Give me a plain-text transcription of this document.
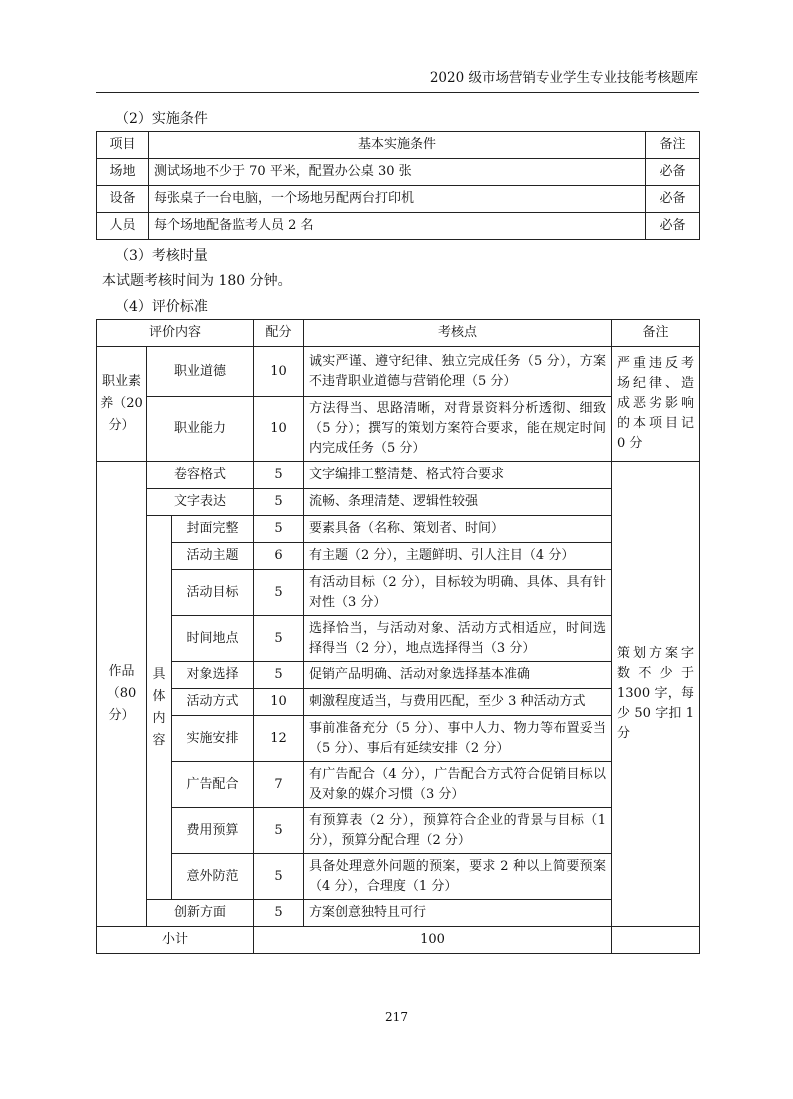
2020 级市场营销专业学生专业技能考核题库
（2）实施条件
项目	基本实施条件	备注
场地	测试场地不少于 70 平米，配置办公桌 30 张	必备
设备	每张桌子一台电脑，一个场地另配两台打印机	必备
人员	每个场地配备监考人员 2 名	必备
（3）考核时量
本试题考核时间为 180 分钟。
（4）评价标准
评价内容			配分	考核点	备注
职业素养（20分）	职业道德		10	诚实严谨、遵守纪律、独立完成任务（5 分），方案不违背职业道德与营销伦理（5 分）	严重违反考场纪律、造成恶劣影响的本项目记 0 分
	职业能力		10	方法得当、思路清晰，对背景资料分析透彻、细致（5 分）；撰写的策划方案符合要求，能在规定时间内完成任务（5 分）	
作品（80分）	卷容格式		5	文字编排工整清楚、格式符合要求	策划方案字数不少于 1300 字，每少 50 字扣 1 分
	文字表达		5	流畅、条理清楚、逻辑性较强	
	具体内容	封面完整	5	要素具备（名称、策划者、时间）	
		活动主题	6	有主题（2 分），主题鲜明、引人注目（4 分）	
		活动目标	5	有活动目标（2 分），目标较为明确、具体、具有针对性（3 分）	
		时间地点	5	选择恰当，与活动对象、活动方式相适应，时间选择得当（2 分），地点选择得当（3 分）	
		对象选择	5	促销产品明确、活动对象选择基本准确	
		活动方式	10	刺激程度适当，与费用匹配，至少 3 种活动方式	
		实施安排	12	事前准备充分（5 分）、事中人力、物力等布置妥当（5 分）、事后有延续安排（2 分）	
		广告配合	7	有广告配合（4 分），广告配合方式符合促销目标以及对象的媒介习惯（3 分）	
		费用预算	5	有预算表（2 分），预算符合企业的背景与目标（1 分），预算分配合理（2 分）	
		意外防范	5	具备处理意外问题的预案，要求 2 种以上简要预案（4 分），合理度（1 分）	
	创新方面		5	方案创意独特且可行	
小计			100		
217
